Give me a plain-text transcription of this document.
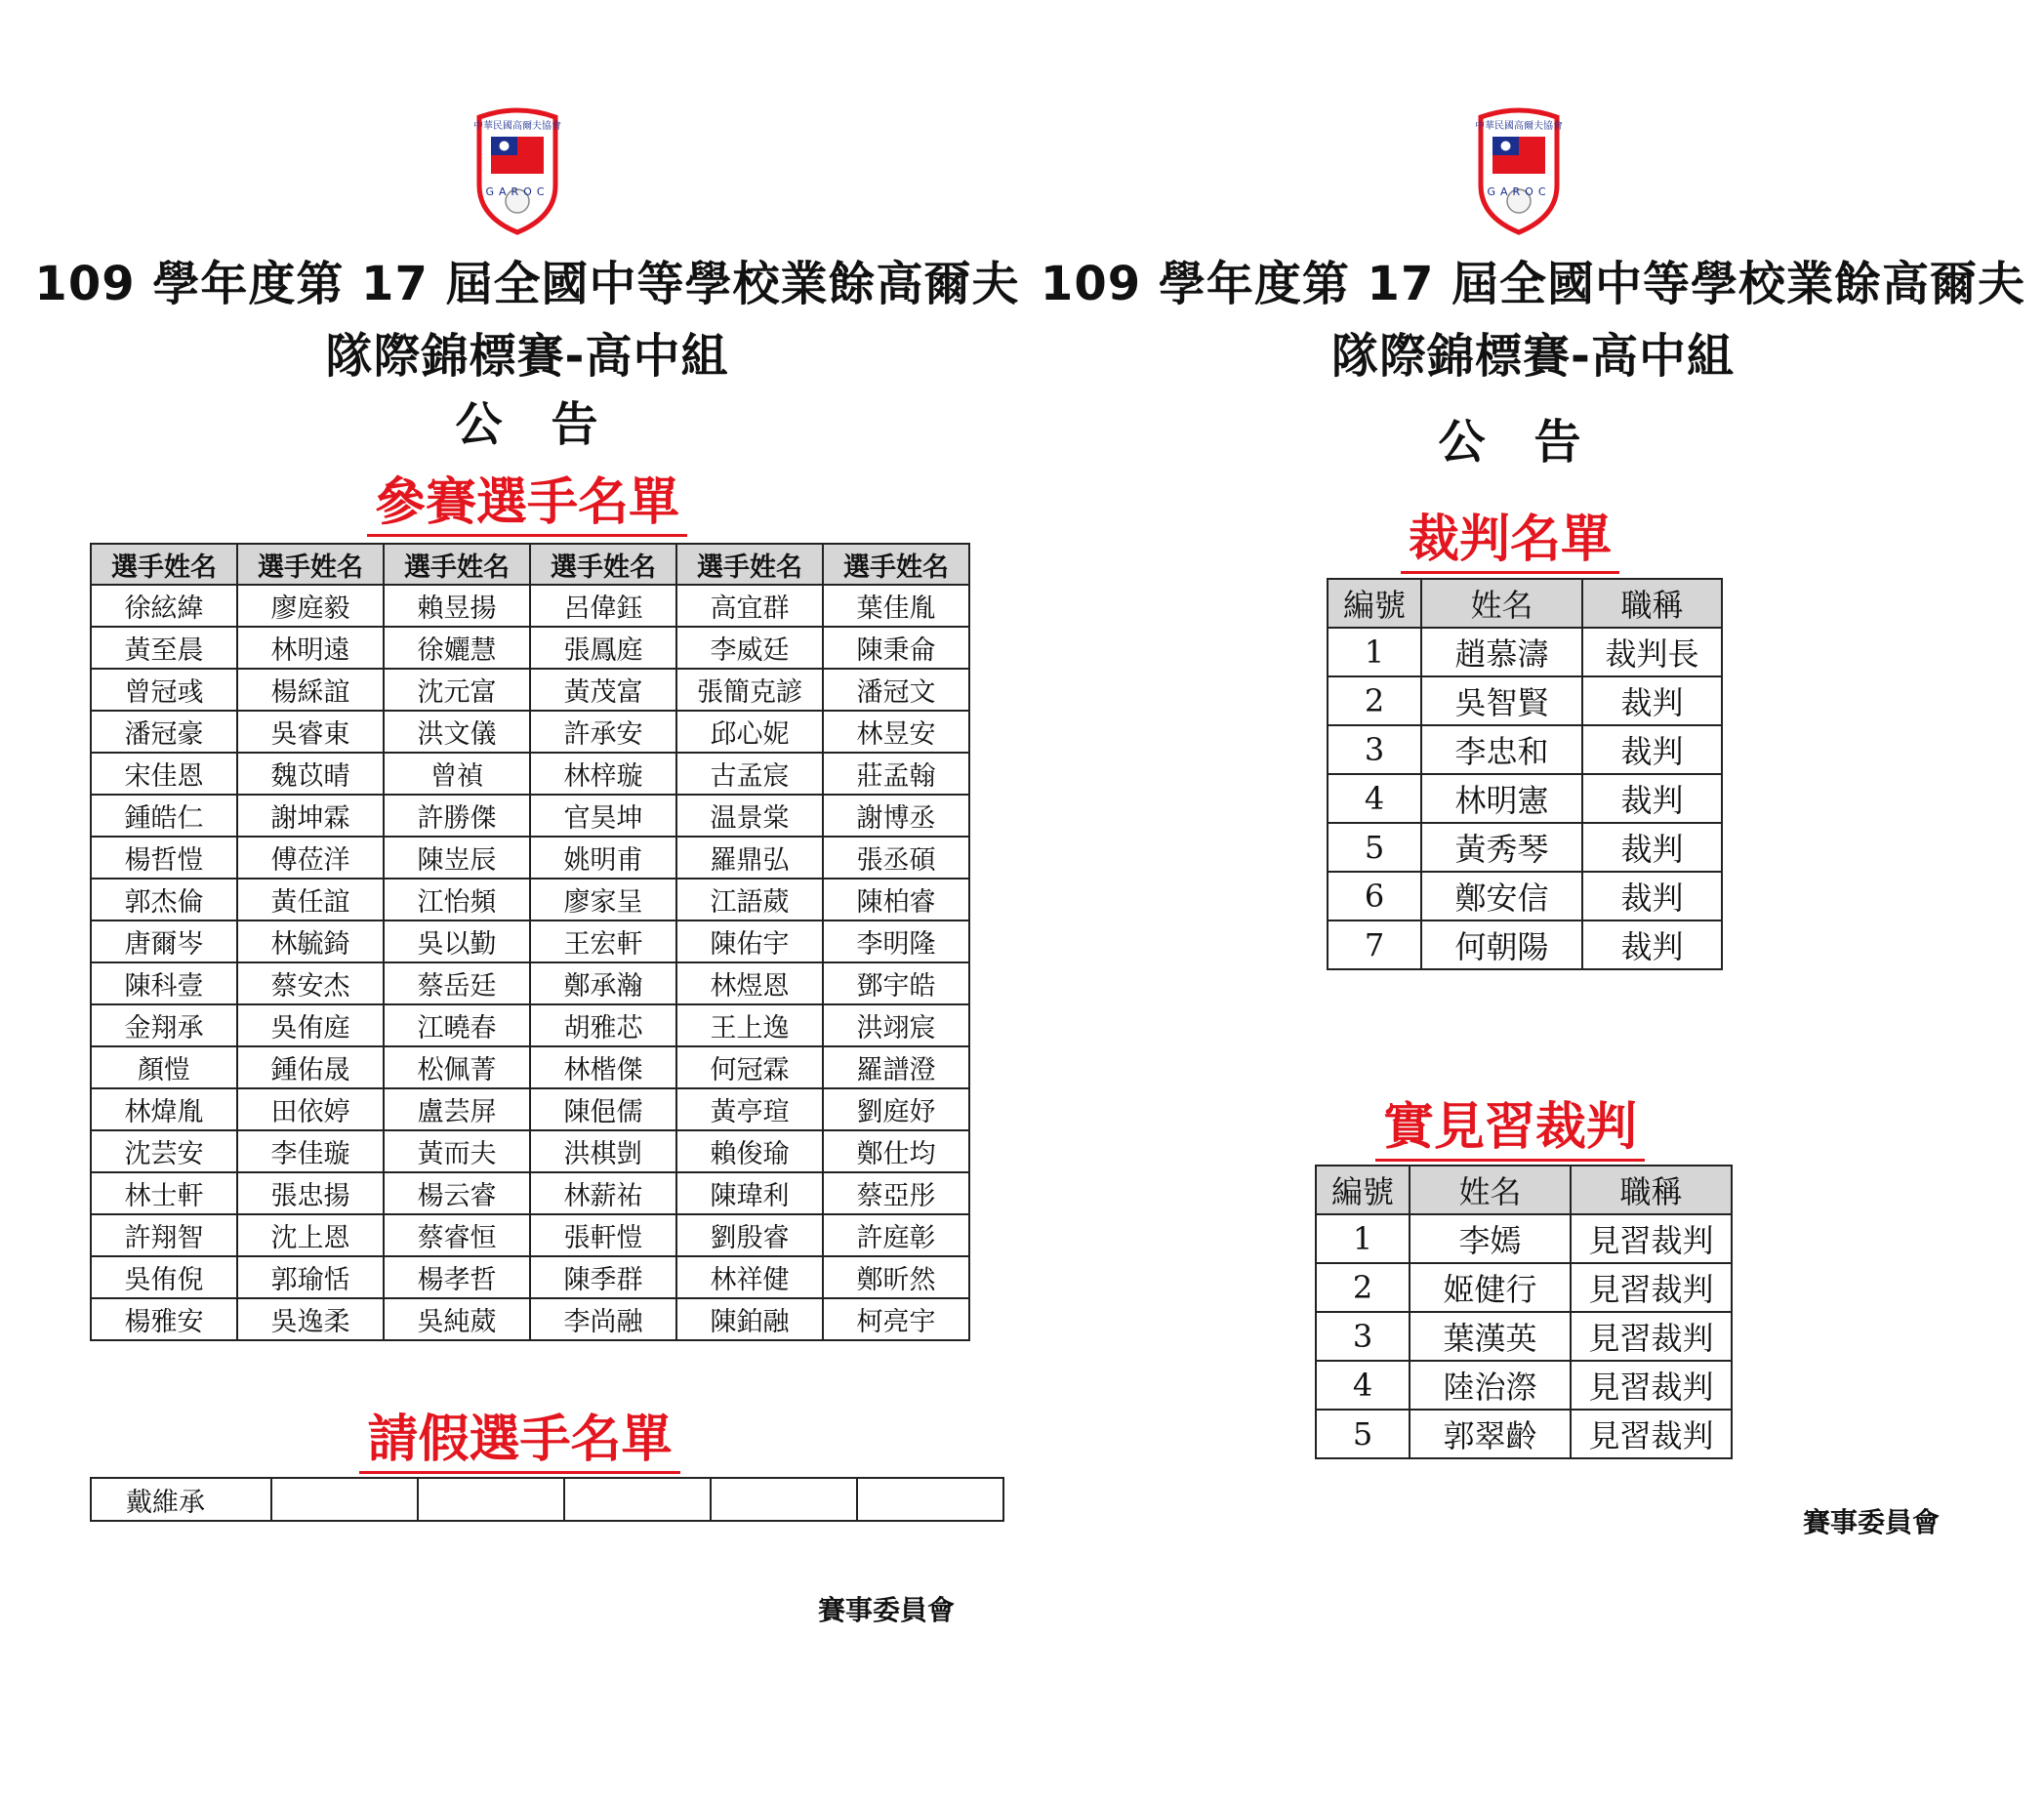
中華民國高爾夫協會
GAROC
109 學年度第 17 屆全國中等學校業餘高爾夫
隊際錦標賽-高中組
公　告
參賽選手名單
選手姓名	選手姓名	選手姓名	選手姓名	選手姓名	選手姓名
徐絃緯	廖庭毅	賴昱揚	呂偉鈺	高宜群	葉佳胤
黃至晨	林明遠	徐孋慧	張鳳庭	李威廷	陳秉侖
曾冠彧	楊綵誼	沈元富	黃茂富	張簡克諺	潘冠文
潘冠豪	吳睿東	洪文儀	許承安	邱心妮	林昱安
宋佳恩	魏苡晴	曾禎	林梓璇	古孟宸	莊孟翰
鍾皓仁	謝坤霖	許勝傑	官昊坤	温景棠	謝博丞
楊哲愷	傅莅洋	陳岦辰	姚明甫	羅鼎弘	張丞碩
郭杰倫	黃任誼	江怡頻	廖家呈	江語葳	陳柏睿
唐爾岑	林毓錡	吳以勤	王宏軒	陳佑宇	李明隆
陳科壹	蔡安杰	蔡岳廷	鄭承瀚	林煜恩	鄧宇皓
金翔承	吳侑庭	江曉春	胡雅芯	王上逸	洪翊宸
顏愷	鍾佑晟	松佩菁	林楷傑	何冠霖	羅譜澄
林煒胤	田依婷	盧芸屏	陳俋儒	黃亭瑄	劉庭妤
沈芸安	李佳璇	黃而夫	洪棋剴	賴俊瑜	鄭仕均
林士軒	張忠揚	楊云睿	林薪祐	陳瑋利	蔡亞彤
許翔智	沈上恩	蔡睿恒	張軒愷	劉殷睿	許庭彰
吳侑倪	郭瑜恬	楊孝哲	陳季群	林祥健	鄭昕然
楊雅安	吳逸柔	吳純葳	李尚融	陳鉑融	柯亮宇
請假選手名單
戴維承					
賽事委員會
中華民國高爾夫協會
GAROC
109 學年度第 17 屆全國中等學校業餘高爾夫
隊際錦標賽-高中組
公　告
裁判名單
編號	姓名	職稱
1	趙慕濤	裁判長
2	吳智賢	裁判
3	李忠和	裁判
4	林明憲	裁判
5	黃秀琴	裁判
6	鄭安信	裁判
7	何朝陽	裁判
實見習裁判
編號	姓名	職稱
1	李嫣	見習裁判
2	姬健行	見習裁判
3	葉漢英	見習裁判
4	陸治漈	見習裁判
5	郭翠齡	見習裁判
賽事委員會
